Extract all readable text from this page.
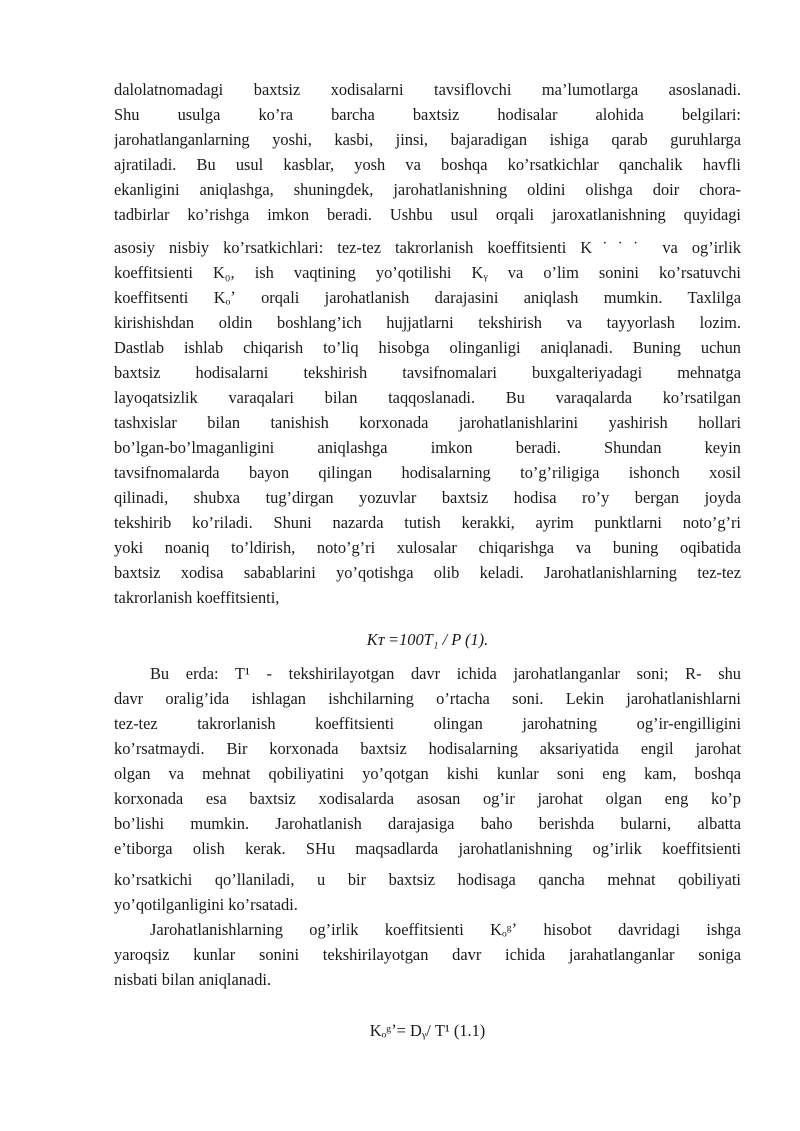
dalolatnomadagi baxtsiz xodisalarni tavsiflovchi ma’lumotlarga asoslanadi.
Shu usulga ko’ra barcha baxtsiz hodisalar alohida belgilari:
jarohatlanganlarning yoshi, kasbi, jinsi, bajaradigan ishiga qarab guruhlarga
ajratiladi. Bu usul kasblar, yosh va boshqa ko’rsatkichlar qanchalik havfli
ekanligini aniqlashga, shuningdek, jarohatlanishning oldini olishga doir chora-
tadbirlar ko’rishga imkon beradi. Ushbu usul orqali jaroxatlanishning quyidagi
asosiy nisbiy ko’rsatkichlari: tez-tez takrorlanish koeffitsienti K˙˙˙ va og’irlik
koeffitsienti K₀, ish vaqtining yo’qotilishi Kᵧ va o’lim sonini ko’rsatuvchi
koeffitsenti Kₒʼ orqali jarohatlanish darajasini aniqlash mumkin. Taxlilga
kirishishdan oldin boshlang’ich hujjatlarni tekshirish va tayyorlash lozim.
Dastlab ishlab chiqarish to’liq hisobga olinganligi aniqlanadi. Buning uchun
baxtsiz hodisalarni tekshirish tavsifnomalari buxgalteriyadagi mehnatga
layoqatsizlik varaqalari bilan taqqoslanadi. Bu varaqalarda ko’rsatilgan
tashxislar bilan tanishish korxonada jarohatlanishlarini yashirish hollari
bo’lgan-bo’lmaganligini aniqlashga imkon beradi. Shundan keyin
tavsifnomalarda bayon qilingan hodisalarning to’g’riligiga ishonch xosil
qilinadi, shubxa tug’dirgan yozuvlar baxtsiz hodisa ro’y bergan joyda
tekshirib ko’riladi. Shuni nazarda tutish kerakki, ayrim punktlarni noto’g’ri
yoki noaniq to’ldirish, noto’g’ri xulosalar chiqarishga va buning oqibatida
baxtsiz xodisa sabablarini yo’qotishga olib keladi. Jarohatlanishlarning tez-tez
takrorlanish koeffitsienti,
Kᴛ =100T₁ / P (1).
Bu erda: T¹ - tekshirilayotgan davr ichida jarohatlanganlar soni; R- shu
davr oralig’ida ishlagan ishchilarning o’rtacha soni. Lekin jarohatlanishlarni
tez-tez takrorlanish koeffitsienti olingan jarohatning og’ir-engilligini
ko’rsatmaydi. Bir korxonada baxtsiz hodisalarning aksariyatida engil jarohat
olgan va mehnat qobiliyatini yo’qotgan kishi kunlar soni eng kam, boshqa
korxonada esa baxtsiz xodisalarda asosan og’ir jarohat olgan eng ko’p
bo’lishi mumkin. Jarohatlanish darajasiga baho berishda bularni, albatta
e’tiborga olish kerak. SHu maqsadlarda jarohatlanishning og’irlik koeffitsienti
ko’rsatkichi qo’llaniladi, u bir baxtsiz hodisaga qancha mehnat qobiliyati
yo’qotilganligini ko’rsatadi.
Jarohatlanishlarning og’irlik koeffitsienti Kₒᵍʼ hisobot davridagi ishga
yaroqsiz kunlar sonini tekshirilayotgan davr ichida jarahatlanganlar soniga
nisbati bilan aniqlanadi.
Kₒᵍʼ= Dᵧ/ T¹ (1.1)
